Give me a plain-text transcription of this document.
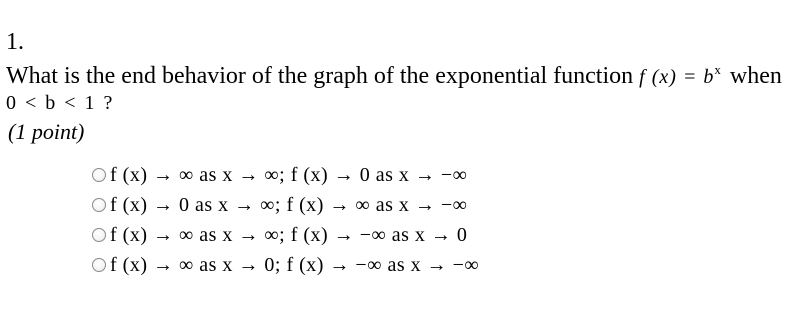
1.
What is the end behavior of the graph of the exponential function f $(x) = b^x$ when
0 < b < 1 ?
(1 point)
f (x) → ∞ as x → ∞; f (x) → 0 as x → −∞
f (x) → 0 as x → ∞; f (x) → ∞ as x → −∞
f (x) → ∞ as x → ∞; f (x) → −∞ as x → 0
f (x) → ∞ as x → 0; f (x) → −∞ as x → −∞
